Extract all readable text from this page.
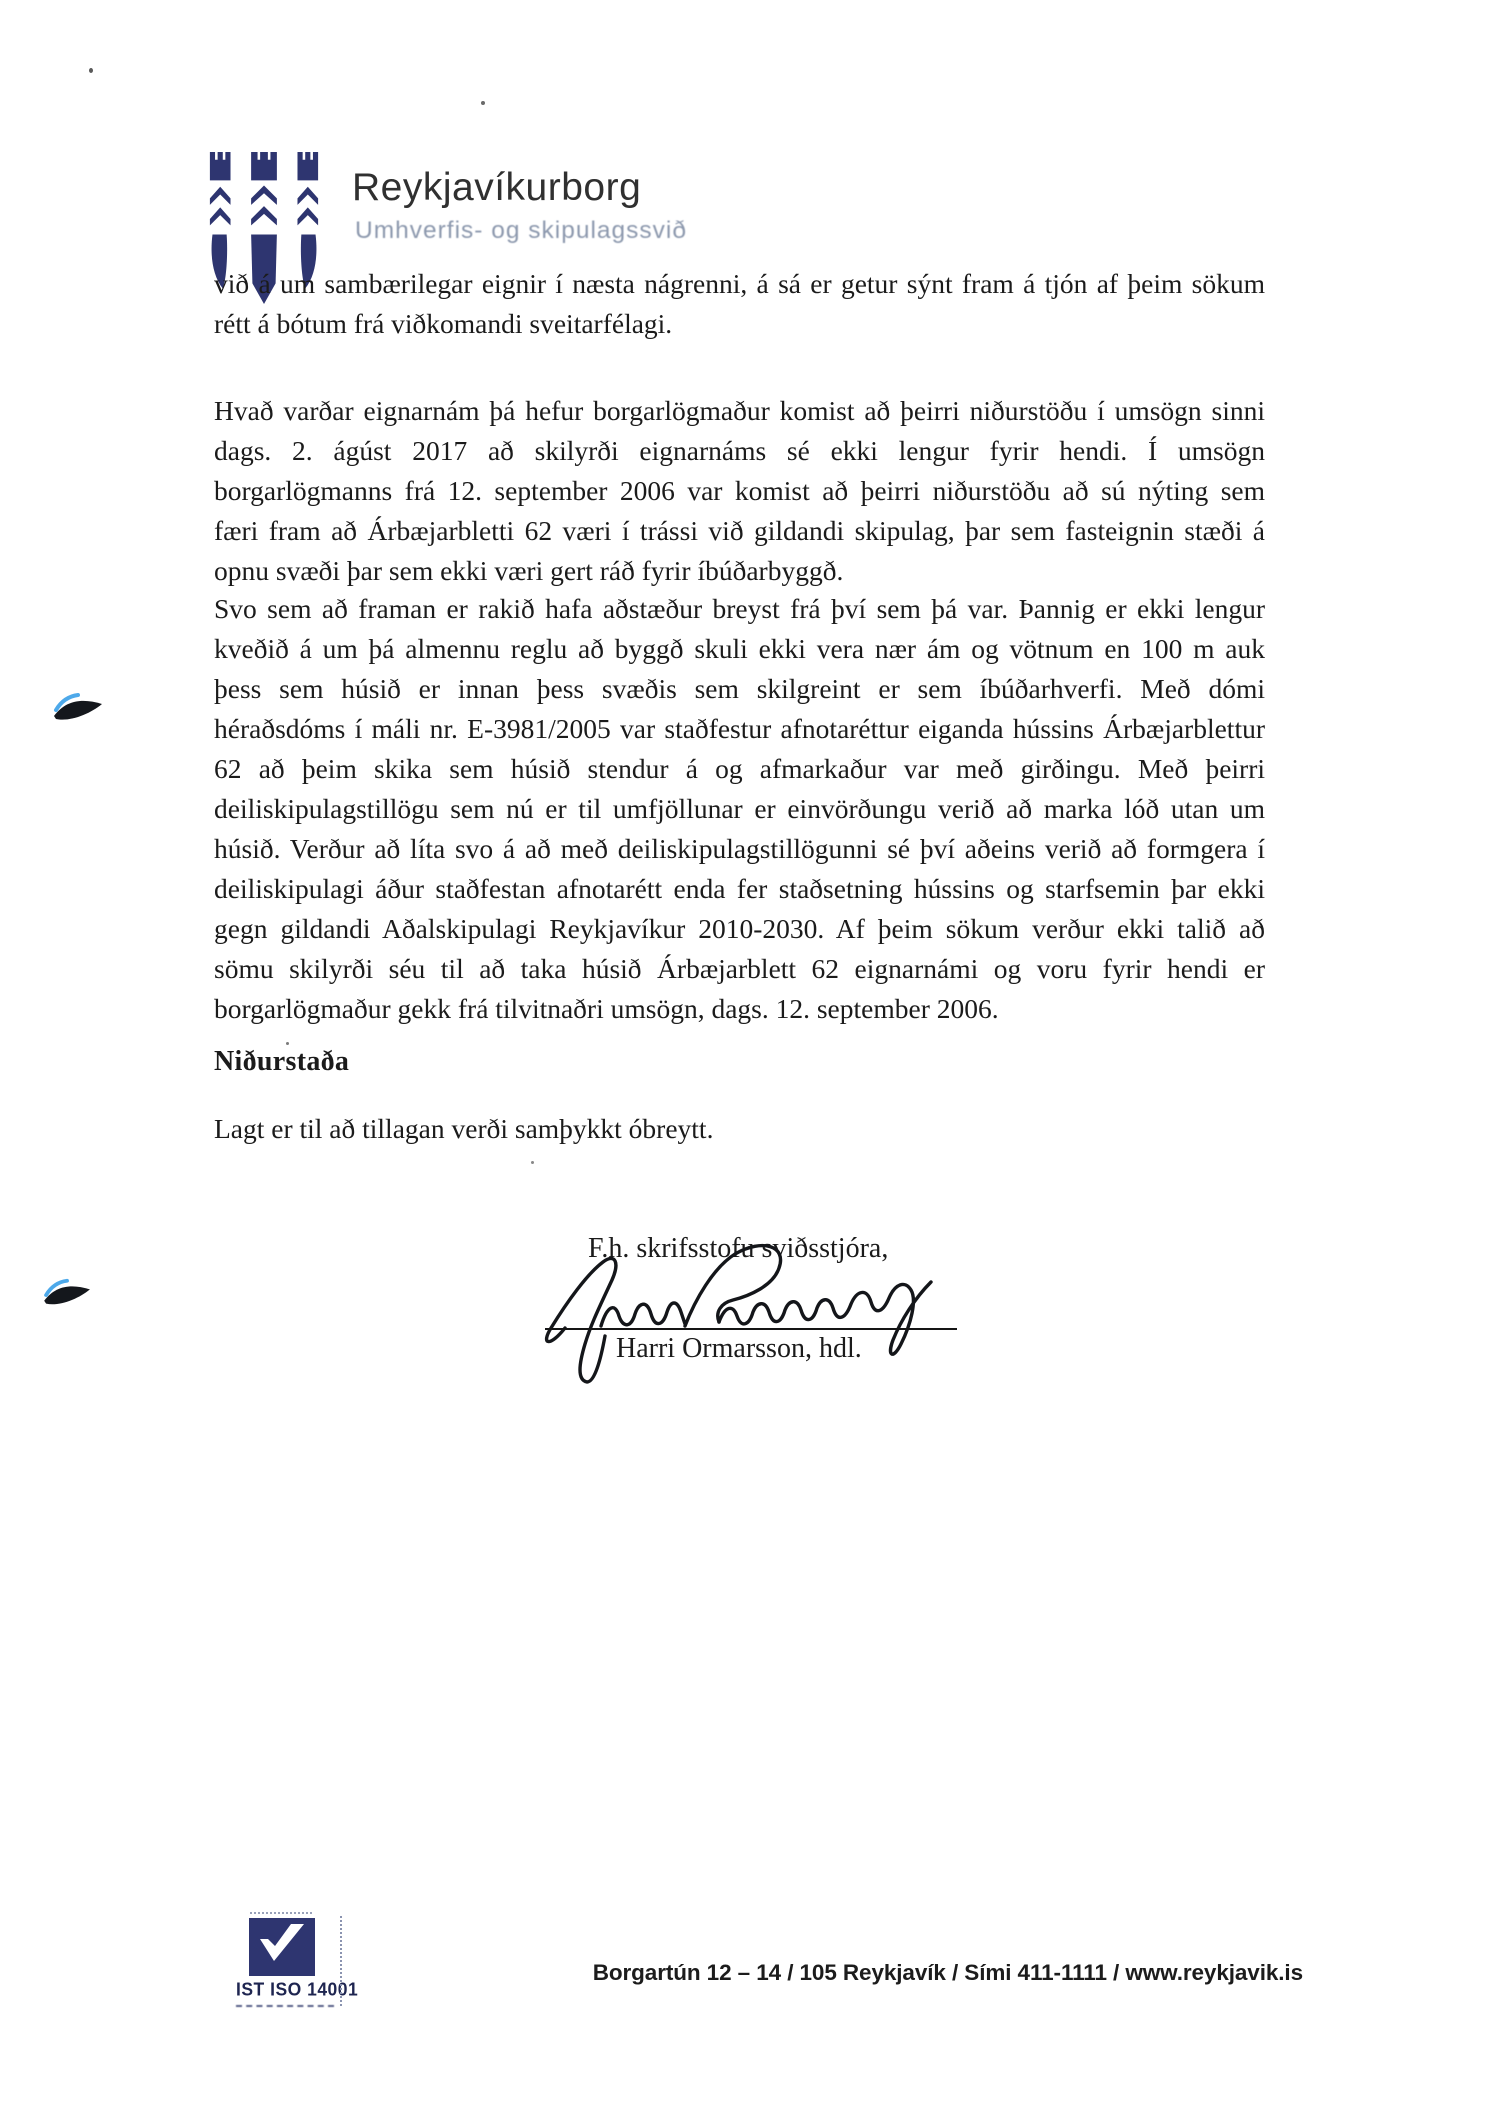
Reykjavíkurborg
Umhverfis- og skipulagssvið
við á um sambærilegar eignir í næsta nágrenni, á sá er getur sýnt fram á tjón af þeim sökum
rétt á bótum frá viðkomandi sveitarfélagi.
Hvað varðar eignarnám þá hefur borgarlögmaður komist að þeirri niðurstöðu í umsögn sinni
dags. 2. ágúst 2017 að skilyrði eignarnáms sé ekki lengur fyrir hendi. Í umsögn
borgarlögmanns frá 12. september 2006 var komist að þeirri niðurstöðu að sú nýting sem
færi fram að Árbæjarbletti 62 væri í trássi við gildandi skipulag, þar sem fasteignin stæði á
opnu svæði þar sem ekki væri gert ráð fyrir íbúðarbyggð.
Svo sem að framan er rakið hafa aðstæður breyst frá því sem þá var. Þannig er ekki lengur
kveðið á um þá almennu reglu að byggð skuli ekki vera nær ám og vötnum en 100 m auk
þess sem húsið er innan þess svæðis sem skilgreint er sem íbúðarhverfi. Með dómi
héraðsdóms í máli nr. E-3981/2005 var staðfestur afnotaréttur eiganda hússins Árbæjarblettur
62 að þeim skika sem húsið stendur á og afmarkaður var með girðingu. Með þeirri
deiliskipulagstillögu sem nú er til umfjöllunar er einvörðungu verið að marka lóð utan um
húsið. Verður að líta svo á að með deiliskipulagstillögunni sé því aðeins verið að formgera í
deiliskipulagi áður staðfestan afnotarétt enda fer staðsetning hússins og starfsemin þar ekki
gegn gildandi Aðalskipulagi Reykjavíkur 2010-2030. Af þeim sökum verður ekki talið að
sömu skilyrði séu til að taka húsið Árbæjarblett 62 eignarnámi og voru fyrir hendi er
borgarlögmaður gekk frá tilvitnaðri umsögn, dags. 12. september 2006.
Niðurstaða
Lagt er til að tillagan verði samþykkt óbreytt.
F.h. skrifsstofu sviðsstjóra,
Harri Ormarsson, hdl.
IST ISO 14001
Borgartún 12 – 14 / 105 Reykjavík / Sími 411-1111 / www.reykjavik.is
